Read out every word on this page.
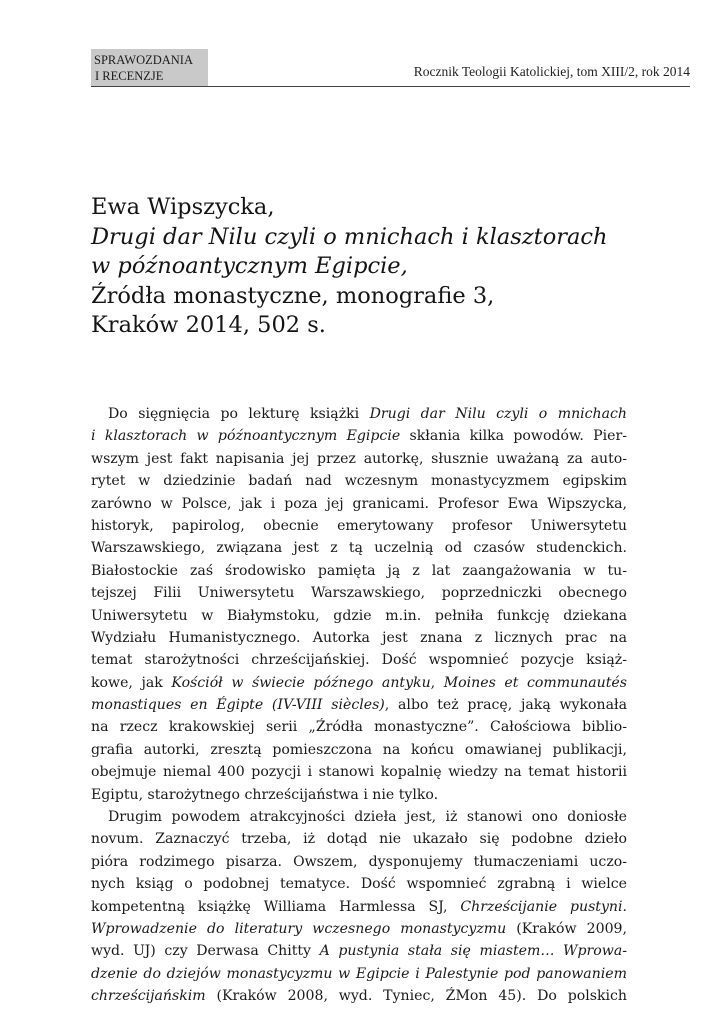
SPRAWOZDANIA
I RECENZJE	Rocznik Teologii Katolickiej, tom XIII/2, rok 2014
Ewa Wipszycka,
Drugi dar Nilu czyli o mnichach i klasztorach
w późnoantycznym Egipcie,
Źródła monastyczne, monografie 3,
Kraków 2014, 502 s.
Do sięgnięcia po lekturę książki Drugi dar Nilu czyli o mnichach
i klasztorach w późnoantycznym Egipcie skłania kilka powodów. Pier-
wszym jest fakt napisania jej przez autorkę, słusznie uważaną za auto-
rytet w dziedzinie badań nad wczesnym monastycyzmem egipskim
zarówno w Polsce, jak i poza jej granicami. Profesor Ewa Wipszycka,
historyk, papirolog, obecnie emerytowany profesor Uniwersytetu
Warszawskiego, związana jest z tą uczelnią od czasów studenckich.
Białostockie zaś środowisko pamięta ją z lat zaangażowania w tu-
tejszej Filii Uniwersytetu Warszawskiego, poprzedniczki obecnego
Uniwersytetu w Białymstoku, gdzie m.in. pełniła funkcję dziekana
Wydziału Humanistycznego. Autorka jest znana z licznych prac na
temat starożytności chrześcijańskiej. Dość wspomnieć pozycje książ-
kowe, jak Kościół w świecie późnego antyku, Moines et communautés
monastiques en Égipte (IV-VIII siècles), albo też pracę, jaką wykonała
na rzecz krakowskiej serii „Źródła monastyczne”. Całościowa biblio-
grafia autorki, zresztą pomieszczona na końcu omawianej publikacji,
obejmuje niemal 400 pozycji i stanowi kopalnię wiedzy na temat historii
Egiptu, starożytnego chrześcijaństwa i nie tylko.
Drugim powodem atrakcyjności dzieła jest, iż stanowi ono doniosłe
novum. Zaznaczyć trzeba, iż dotąd nie ukazało się podobne dzieło
pióra rodzimego pisarza. Owszem, dysponujemy tłumaczeniami uczo-
nych ksiąg o podobnej tematyce. Dość wspomnieć zgrabną i wielce
kompetentną książkę Williama Harmlessa SJ, Chrześcijanie pustyni.
Wprowadzenie do literatury wczesnego monastycyzmu (Kraków 2009,
wyd. UJ) czy Derwasa Chitty A pustynia stała się miastem… Wprowa-
dzenie do dziejów monastycyzmu w Egipcie i Palestynie pod panowaniem
chrześcijańskim (Kraków 2008, wyd. Tyniec, ŹMon 45). Do polskich
